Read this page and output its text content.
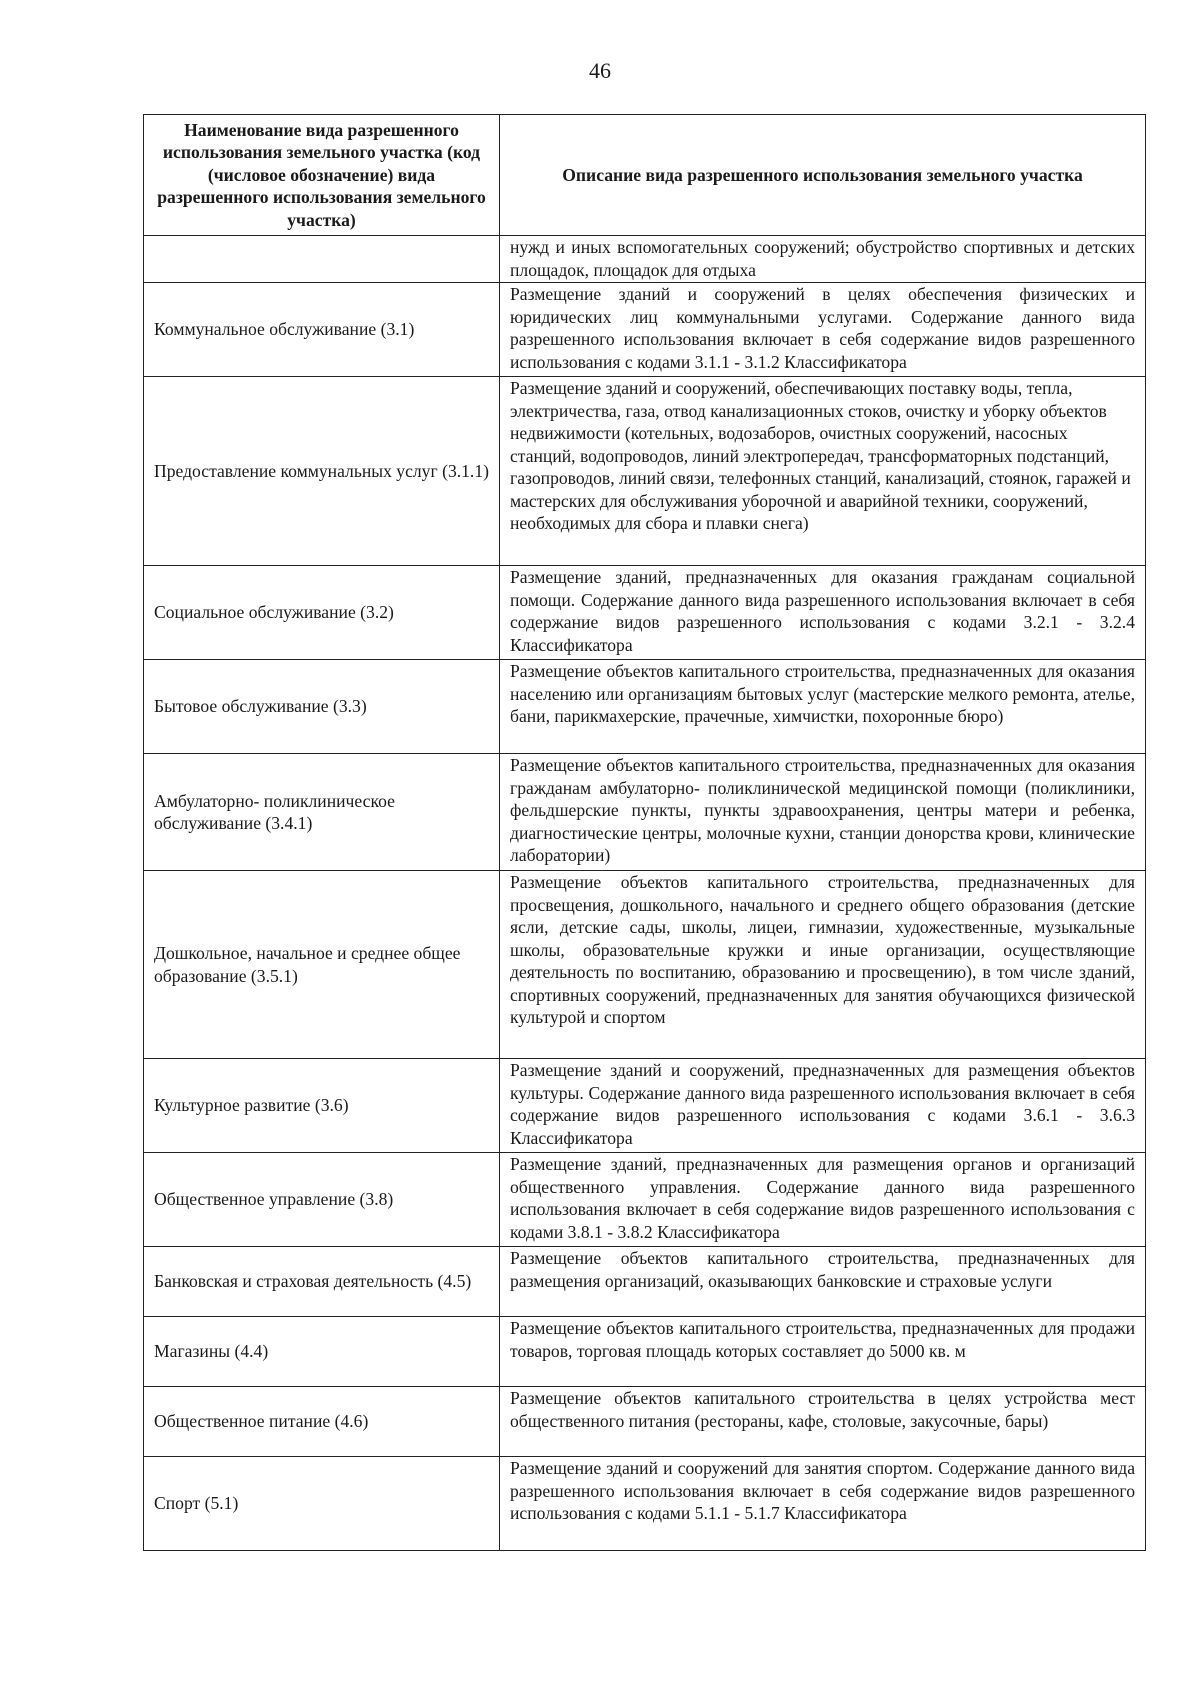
46
Наименование вида разрешенного использования земельного участка (код (числовое обозначение) вида разрешенного использования земельного участка)	Описание вида разрешенного использования земельного участка
	нужд и иных вспомогательных сооружений; обустройство спортивных и детских площадок, площадок для отдыха
Коммунальное обслуживание (3.1)	Размещение зданий и сооружений в целях обеспечения физических и юридических лиц коммунальными услугами. Содержание данного вида разрешенного использования включает в себя содержание видов разрешенного использования с кодами 3.1.1 - 3.1.2 Классификатора
Предоставление коммунальных услуг (3.1.1)	Размещение зданий и сооружений, обеспечивающих поставку воды, тепла, электричества, газа, отвод канализационных стоков, очистку и уборку объектов недвижимости (котельных, водозаборов, очистных сооружений, насосных станций, водопроводов, линий электропередач, трансформаторных подстанций, газопроводов, линий связи, телефонных станций, канализаций, стоянок, гаражей и мастерских для обслуживания уборочной и аварийной техники, сооружений, необходимых для сбора и плавки снега)
Социальное обслуживание (3.2)	Размещение зданий, предназначенных для оказания гражданам социальной помощи. Содержание данного вида разрешенного использования включает в себя содержание видов разрешенного использования с кодами 3.2.1 - 3.2.4 Классификатора
Бытовое обслуживание (3.3)	Размещение объектов капитального строительства, предназначенных для оказания населению или организациям бытовых услуг (мастерские мелкого ремонта, ателье, бани, парикмахерские, прачечные, химчистки, похоронные бюро)
Амбулаторно- поликлиническое обслуживание (3.4.1)	Размещение объектов капитального строительства, предназначенных для оказания гражданам амбулаторно- поликлинической медицинской помощи (поликлиники, фельдшерские пункты, пункты здравоохранения, центры матери и ребенка, диагностические центры, молочные кухни, станции донорства крови, клинические лаборатории)
Дошкольное, начальное и среднее общее образование (3.5.1)	Размещение объектов капитального строительства, предназначенных для просвещения, дошкольного, начального и среднего общего образования (детские ясли, детские сады, школы, лицеи, гимназии, художественные, музыкальные школы, образовательные кружки и иные организации, осуществляющие деятельность по воспитанию, образованию и просвещению), в том числе зданий, спортивных сооружений, предназначенных для занятия обучающихся физической культурой и спортом
Культурное развитие (3.6)	Размещение зданий и сооружений, предназначенных для размещения объектов культуры. Содержание данного вида разрешенного использования включает в себя содержание видов разрешенного использования с кодами 3.6.1 - 3.6.3 Классификатора
Общественное управление (3.8)	Размещение зданий, предназначенных для размещения органов и организаций общественного управления. Содержание данного вида разрешенного использования включает в себя содержание видов разрешенного использования с кодами 3.8.1 - 3.8.2 Классификатора
Банковская и страховая деятельность (4.5)	Размещение объектов капитального строительства, предназначенных для размещения организаций, оказывающих банковские и страховые услуги
Магазины (4.4)	Размещение объектов капитального строительства, предназначенных для продажи товаров, торговая площадь которых составляет до 5000 кв. м
Общественное питание (4.6)	Размещение объектов капитального строительства в целях устройства мест общественного питания (рестораны, кафе, столовые, закусочные, бары)
Спорт (5.1)	Размещение зданий и сооружений для занятия спортом. Содержание данного вида разрешенного использования включает в себя содержание видов разрешенного использования с кодами 5.1.1 - 5.1.7 Классификатора
